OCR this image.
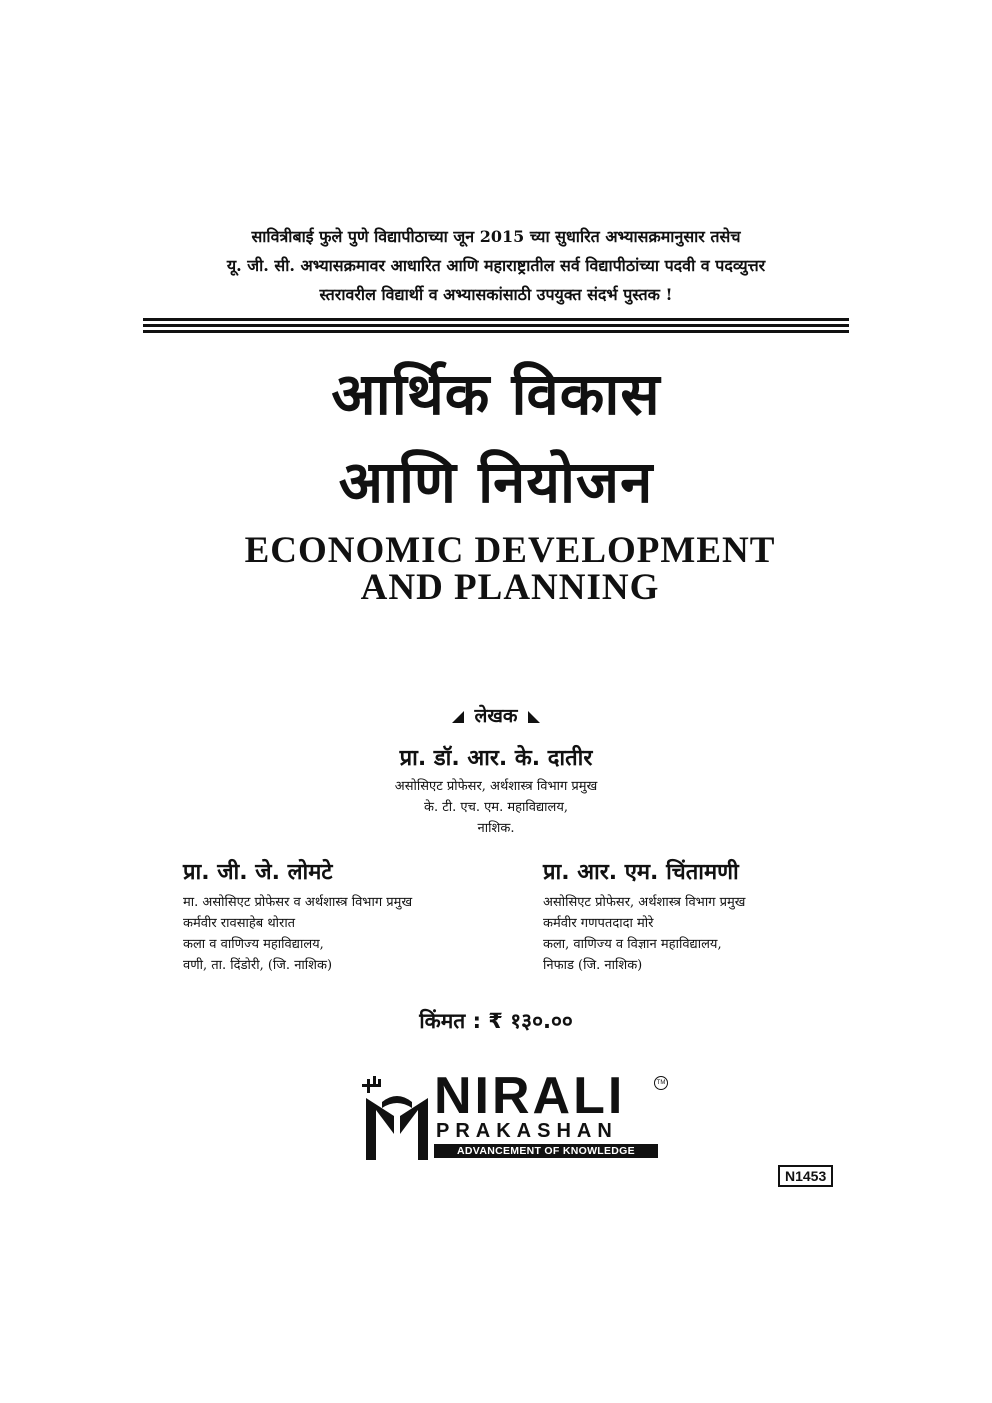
सावित्रीबाई फुले पुणे विद्यापीठाच्या जून 2015 च्या सुधारित अभ्यासक्रमानुसार तसेच
यू. जी. सी. अभ्यासक्रमावर आधारित आणि महाराष्ट्रातील सर्व विद्यापीठांच्या पदवी व पदव्युत्तर
स्तरावरील विद्यार्थी व अभ्यासकांसाठी उपयुक्त संदर्भ पुस्तक !
आर्थिक विकास
आणि नियोजन
ECONOMIC DEVELOPMENT
AND PLANNING
लेखक
प्रा. डॉ. आर. के. दातीर
असोसिएट प्रोफेसर, अर्थशास्त्र विभाग प्रमुख
के. टी. एच. एम. महाविद्यालय,
नाशिक.
प्रा. जी. जे. लोमटे
मा. असोसिएट प्रोफेसर व अर्थशास्त्र विभाग प्रमुख
कर्मवीर रावसाहेब थोरात
कला व वाणिज्य महाविद्यालय,
वणी, ता. दिंडोरी, (जि. नाशिक)
प्रा. आर. एम. चिंतामणी
असोसिएट प्रोफेसर, अर्थशास्त्र विभाग प्रमुख
कर्मवीर गणपतदादा मोरे
कला, वाणिज्य व विज्ञान महाविद्यालय,
निफाड (जि. नाशिक)
किंमत : ₹ १३०.००
NIRALI	TM
PRAKASHAN
ADVANCEMENT OF KNOWLEDGE
N1453
